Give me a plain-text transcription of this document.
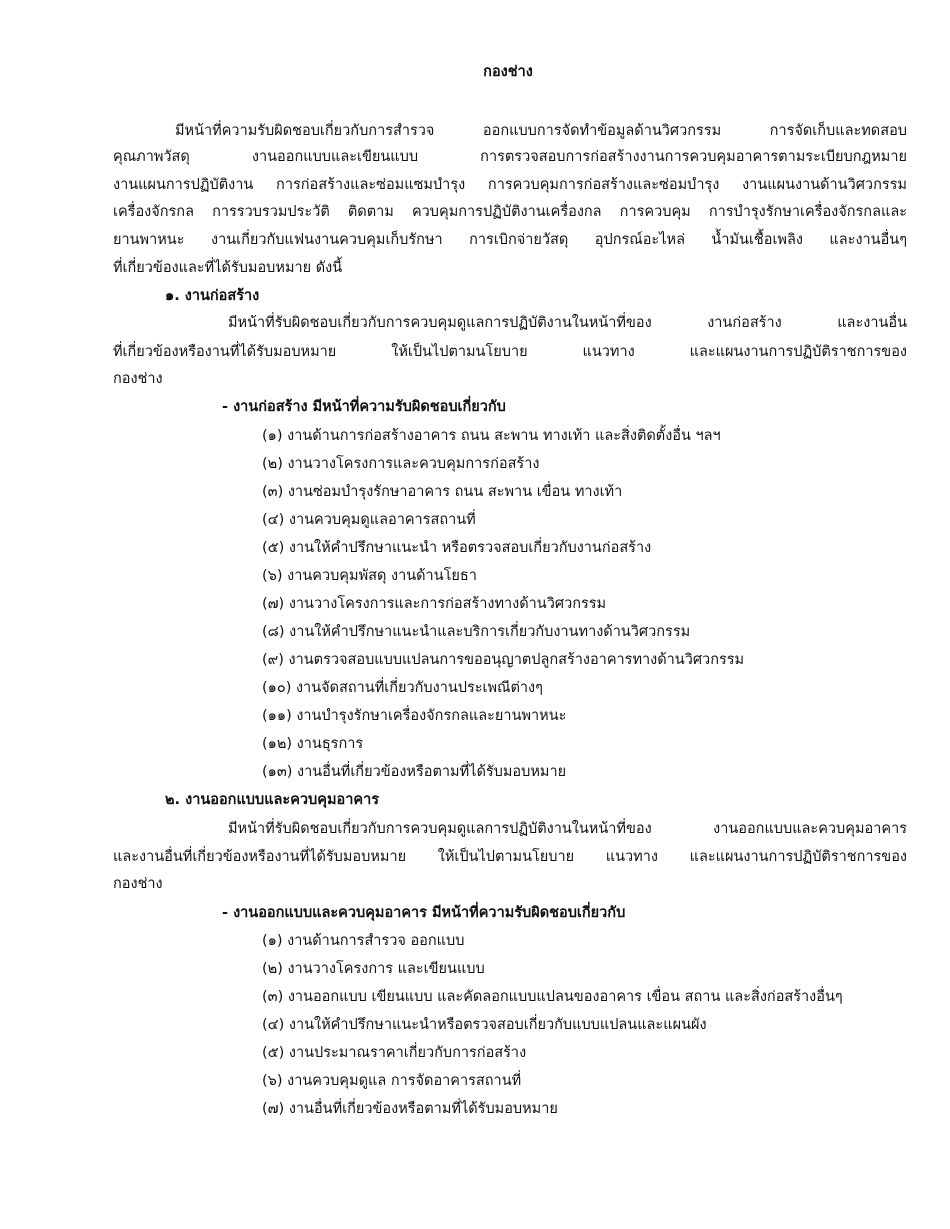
กองช่าง
มีหน้าที่ความรับผิดชอบเกี่ยวกับการสำรวจ ออกแบบการจัดทำข้อมูลด้านวิศวกรรม การจัดเก็บและทดสอบ
คุณภาพวัสดุ งานออกแบบและเขียนแบบ การตรวจสอบการก่อสร้างงานการควบคุมอาคารตามระเบียบกฎหมาย
งานแผนการปฏิบัติงาน การก่อสร้างและซ่อมแซมบำรุง การควบคุมการก่อสร้างและซ่อมบำรุง งานแผนงานด้านวิศวกรรม
เครื่องจักรกล การรวบรวมประวัติ ติดตาม ควบคุมการปฏิบัติงานเครื่องกล การควบคุม การบำรุงรักษาเครื่องจักรกลและ
ยานพาหนะ งานเกี่ยวกับแฟนงานควบคุมเก็บรักษา การเบิกจ่ายวัสดุ อุปกรณ์อะไหล่ น้ำมันเชื้อเพลิง และงานอื่นๆ
ที่เกี่ยวข้องและที่ได้รับมอบหมาย ดังนี้
๑. งานก่อสร้าง
มีหน้าที่รับผิดชอบเกี่ยวกับการควบคุมดูแลการปฏิบัติงานในหน้าที่ของ งานก่อสร้าง และงานอื่น
ที่เกี่ยวข้องหรืองานที่ได้รับมอบหมาย ให้เป็นไปตามนโยบาย แนวทาง และแผนงานการปฏิบัติราชการของ
กองช่าง
- งานก่อสร้าง มีหน้าที่ความรับผิดชอบเกี่ยวกับ
(๑) งานด้านการก่อสร้างอาคาร ถนน สะพาน ทางเท้า และสิ่งติดตั้งอื่น ฯลฯ
(๒) งานวางโครงการและควบคุมการก่อสร้าง
(๓) งานซ่อมบำรุงรักษาอาคาร ถนน สะพาน เขื่อน ทางเท้า
(๔) งานควบคุมดูแลอาคารสถานที่
(๕) งานให้คำปรึกษาแนะนำ หรือตรวจสอบเกี่ยวกับงานก่อสร้าง
(๖) งานควบคุมพัสดุ งานด้านโยธา
(๗) งานวางโครงการและการก่อสร้างทางด้านวิศวกรรม
(๘) งานให้คำปรึกษาแนะนำและบริการเกี่ยวกับงานทางด้านวิศวกรรม
(๙) งานตรวจสอบแบบแปลนการขออนุญาตปลูกสร้างอาคารทางด้านวิศวกรรม
(๑๐) งานจัดสถานที่เกี่ยวกับงานประเพณีต่างๆ
(๑๑) งานบำรุงรักษาเครื่องจักรกลและยานพาหนะ
(๑๒) งานธุรการ
(๑๓) งานอื่นที่เกี่ยวข้องหรือตามที่ได้รับมอบหมาย
๒. งานออกแบบและควบคุมอาคาร
มีหน้าที่รับผิดชอบเกี่ยวกับการควบคุมดูแลการปฏิบัติงานในหน้าที่ของ งานออกแบบและควบคุมอาคาร
และงานอื่นที่เกี่ยวข้องหรืองานที่ได้รับมอบหมาย ให้เป็นไปตามนโยบาย แนวทาง และแผนงานการปฏิบัติราชการของ
กองช่าง
- งานออกแบบและควบคุมอาคาร มีหน้าที่ความรับผิดชอบเกี่ยวกับ
(๑) งานด้านการสำรวจ ออกแบบ
(๒) งานวางโครงการ และเขียนแบบ
(๓) งานออกแบบ เขียนแบบ และคัดลอกแบบแปลนของอาคาร เขื่อน สถาน และสิ่งก่อสร้างอื่นๆ
(๔) งานให้คำปรึกษาแนะนำหรือตรวจสอบเกี่ยวกับแบบแปลนและแผนผัง
(๕) งานประมาณราคาเกี่ยวกับการก่อสร้าง
(๖) งานควบคุมดูแล การจัดอาคารสถานที่
(๗) งานอื่นที่เกี่ยวข้องหรือตามที่ได้รับมอบหมาย
